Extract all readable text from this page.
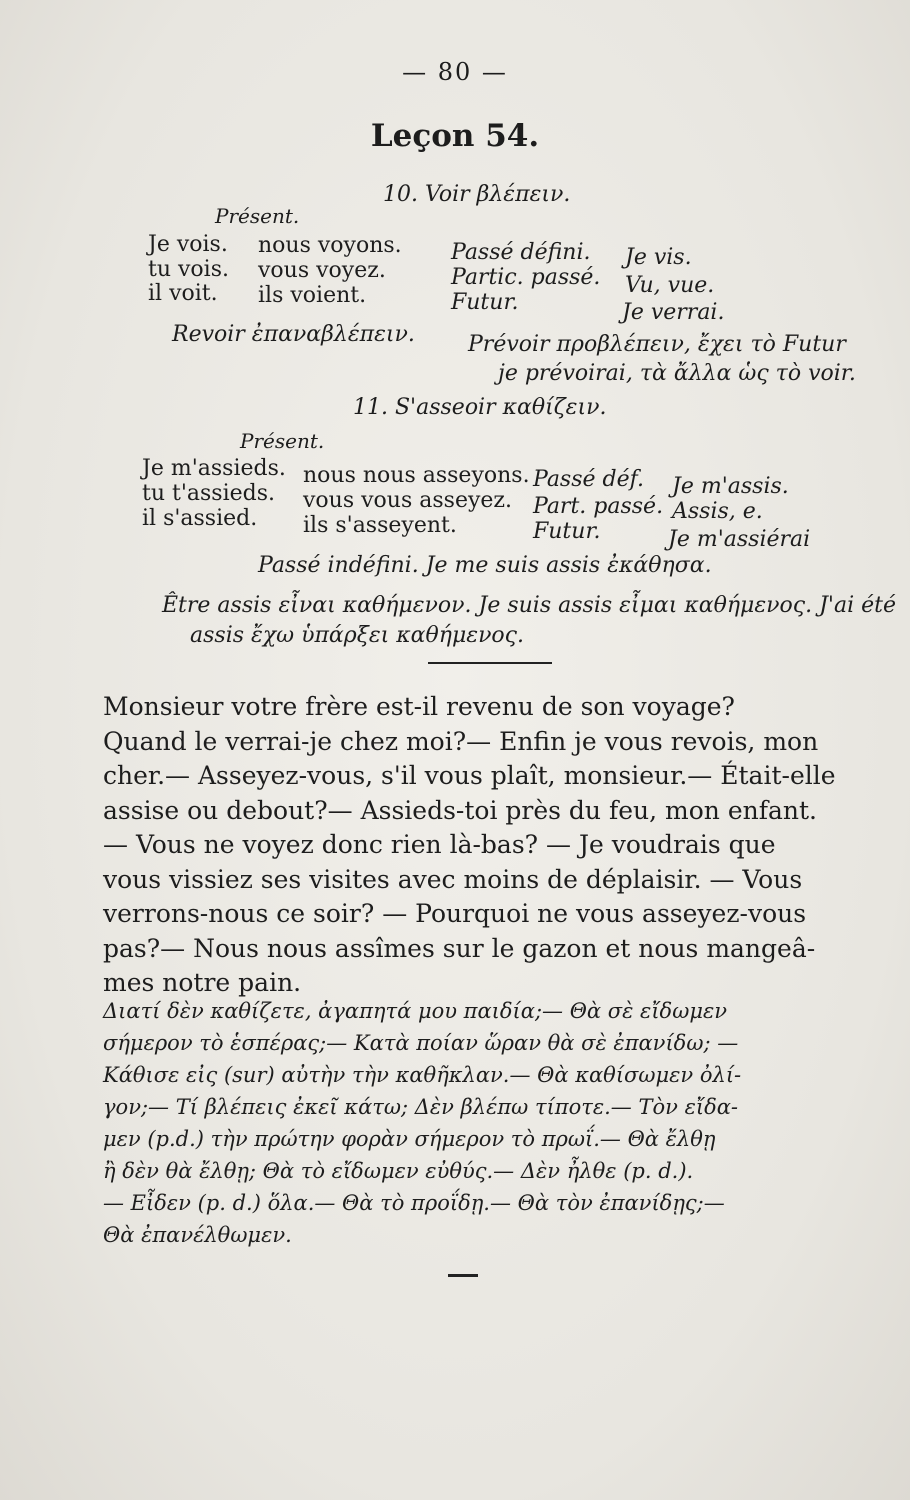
— 80 —
Leçon 54.
10. Voir βλέπειν.
Présent.
Je vois.
tu vois.
il voit.
nous voyons.
vous voyez.
ils voient.
Passé défini.
Partic. passé.
Futur.
Je vis.
Vu, vue.
Je verrai.
Revoir ἐπαναβλέπειν. Prévoir προβλέπειν, ἔχει τὸ Futur
je prévoirai, τὰ ἄλλα ὡς τὸ voir.
11. S'asseoir καθίζειν.
Présent.
Je m'assieds.
tu t'assieds.
il s'assied.
nous nous asseyons.
vous vous asseyez.
ils s'asseyent.
Passé déf.
Part. passé.
Futur.
Je m'assis.
Assis, e.
Je m'assiérai
Passé indéfini. Je me suis assis ἐκάθησα.
Être assis εἶναι καθήμενον. Je suis assis εἶμαι καθήμενος. J'ai été
assis ἔχω ὑπάρξει καθήμενος.
Monsieur votre frère est-il revenu de son voyage?
Quand le verrai-je chez moi?— Enfin je vous revois, mon
cher.— Asseyez-vous, s'il vous plaît, monsieur.— Était-elle
assise ou debout?— Assieds-toi près du feu, mon enfant.
— Vous ne voyez donc rien là-bas? — Je voudrais que
vous vissiez ses visites avec moins de déplaisir. — Vous
verrons-nous ce soir? — Pourquoi ne vous asseyez-vous
pas?— Nous nous assîmes sur le gazon et nous mangeâ-
mes notre pain.
Διατί δὲν καθίζετε, ἀγαπητά μου παιδία;— Θὰ σὲ εἴδωμεν
σήμερον τὸ ἑσπέρας;— Κατὰ ποίαν ὥραν θὰ σὲ ἐπανίδω; —
Κάθισε εἰς (sur) αὐτὴν τὴν καθῆκλαν.— Θὰ καθίσωμεν ὀλί-
γον;— Τί βλέπεις ἐκεῖ κάτω; Δὲν βλέπω τίποτε.— Τὸν εἴδα-
μεν (p.d.) τὴν πρώτην φορὰν σήμερον τὸ πρωΐ.— Θὰ ἔλθῃ
ἢ δὲν θὰ ἔλθῃ; Θὰ τὸ εἴδωμεν εὐθύς.— Δὲν ἦλθε (p. d.).
— Εἶδεν (p. d.) ὅλα.— Θὰ τὸ προΐδῃ.— Θὰ τὸν ἐπανίδῃς;—
Θὰ ἐπανέλθωμεν.
